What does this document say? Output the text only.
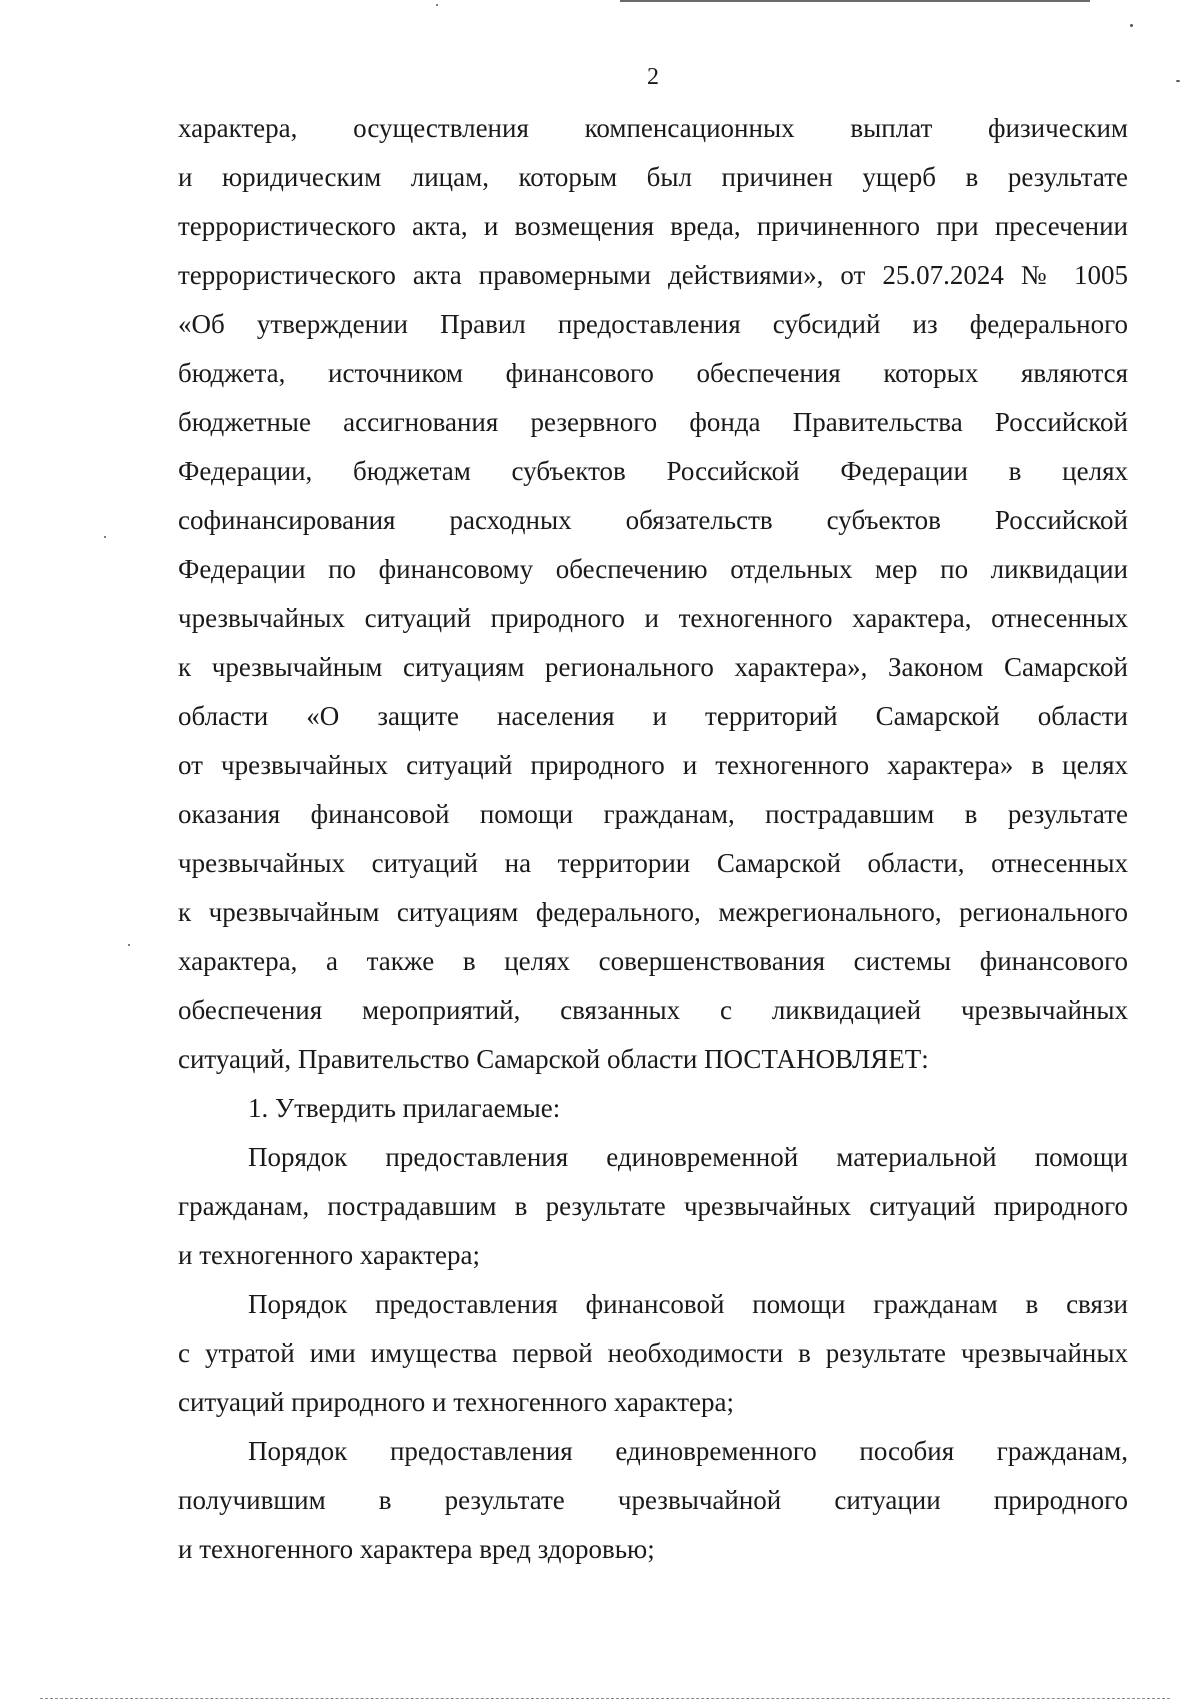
2
характера, осуществления компенсационных выплат физическим
и юридическим лицам, которым был причинен ущерб в результате
террористического акта, и возмещения вреда, причиненного при пресечении
террористического акта правомерными действиями», от 25.07.2024 № 1005
«Об утверждении Правил предоставления субсидий из федерального
бюджета, источником финансового обеспечения которых являются
бюджетные ассигнования резервного фонда Правительства Российской
Федерации, бюджетам субъектов Российской Федерации в целях
софинансирования расходных обязательств субъектов Российской
Федерации по финансовому обеспечению отдельных мер по ликвидации
чрезвычайных ситуаций природного и техногенного характера, отнесенных
к чрезвычайным ситуациям регионального характера», Законом Самарской
области «О защите населения и территорий Самарской области
от чрезвычайных ситуаций природного и техногенного характера» в целях
оказания финансовой помощи гражданам, пострадавшим в результате
чрезвычайных ситуаций на территории Самарской области, отнесенных
к чрезвычайным ситуациям федерального, межрегионального, регионального
характера, а также в целях совершенствования системы финансового
обеспечения мероприятий, связанных с ликвидацией чрезвычайных
ситуаций, Правительство Самарской области ПОСТАНОВЛЯЕТ:
1. Утвердить прилагаемые:
Порядок предоставления единовременной материальной помощи
гражданам, пострадавшим в результате чрезвычайных ситуаций природного
и техногенного характера;
Порядок предоставления финансовой помощи гражданам в связи
с утратой ими имущества первой необходимости в результате чрезвычайных
ситуаций природного и техногенного характера;
Порядок предоставления единовременного пособия гражданам,
получившим в результате чрезвычайной ситуации природного
и техногенного характера вред здоровью;
